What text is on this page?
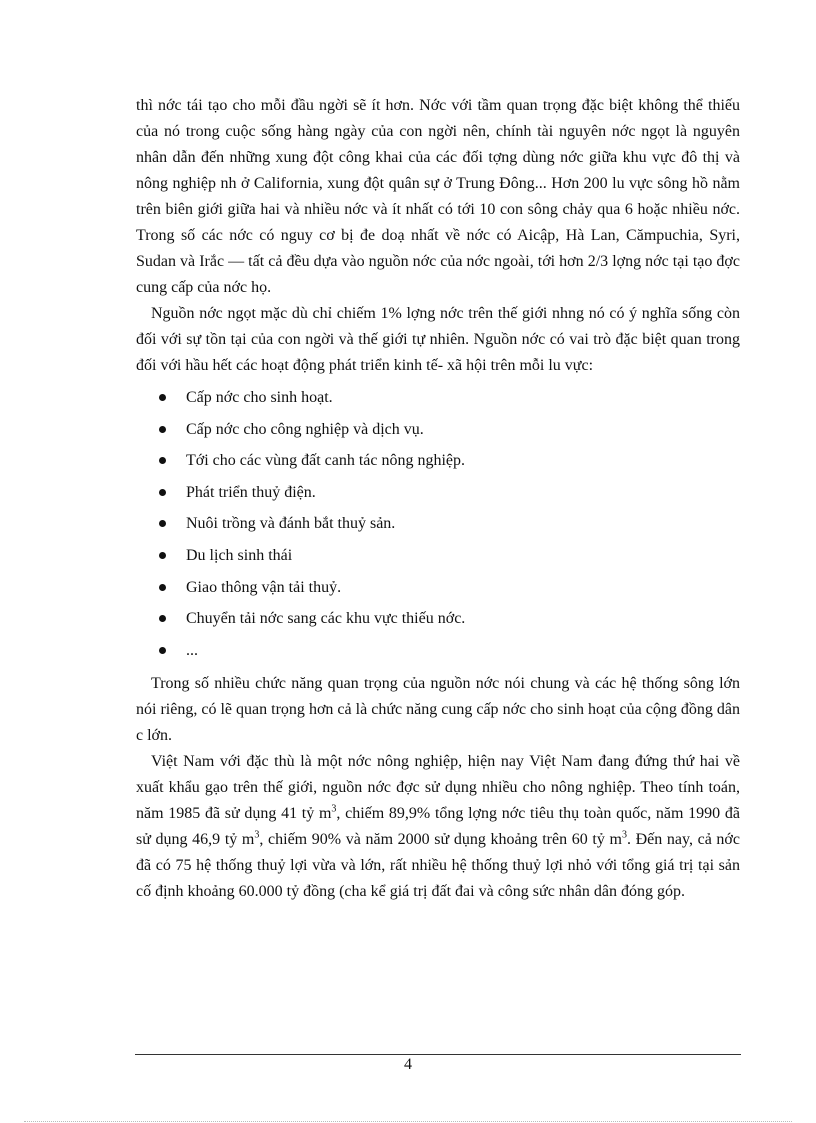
thì nớc tái tạo cho mỗi đầu ngời sẽ ít hơn. Nớc với tầm quan trọng đặc biệt không thể thiếu của nó trong cuộc sống hàng ngày của con ngời nên, chính tài nguyên nớc ngọt là nguyên nhân dẫn đến những xung đột công khai của các đối tợng dùng nớc giữa khu vực đô thị và nông nghiệp nh ở California, xung đột quân sự ở Trung Đông... Hơn 200 lu vực sông hồ nằm trên biên giới giữa hai và nhiều nớc và ít nhất có tới 10 con sông chảy qua 6 hoặc nhiều nớc. Trong số các nớc có nguy cơ bị đe doạ nhất về nớc có Aicập, Hà Lan, Cămpuchia, Syri, Sudan và Irắc — tất cả đều dựa vào nguồn nớc của nớc ngoài, tới hơn 2/3 lợng nớc tại tạo đợc cung cấp của nớc họ.

Nguồn nớc ngọt mặc dù chỉ chiếm 1% lợng nớc trên thế giới nhng nó có ý nghĩa sống còn đối với sự tồn tại của con ngời và thế giới tự nhiên. Nguồn nớc có vai trò đặc biệt quan trong đối với hầu hết các hoạt động phát triển kinh tế- xã hội trên mỗi lu vực:

Cấp nớc cho sinh hoạt.
Cấp nớc cho công nghiệp và dịch vụ.
Tới cho các vùng đất canh tác nông nghiệp.
Phát triển thuỷ điện.
Nuôi trồng và đánh bắt thuỷ sản.
Du lịch sinh thái
Giao thông vận tải thuỷ.
Chuyển tải nớc sang các khu vực thiếu nớc.
...

Trong số nhiều chức năng quan trọng của nguồn nớc nói chung và các hệ thống sông lớn nói riêng, có lẽ quan trọng hơn cả là chức năng cung cấp nớc cho sinh hoạt của cộng đồng dân c lớn.

Việt Nam với đặc thù là một nớc nông nghiệp, hiện nay Việt Nam đang đứng thứ hai về xuất khẩu gạo trên thế giới, nguồn nớc đợc sử dụng nhiều cho nông nghiệp. Theo tính toán, năm 1985 đã sử dụng 41 tỷ $m^3$, chiếm 89,9% tổng lợng nớc tiêu thụ toàn quốc, năm 1990 đã sử dụng 46,9 tỷ $m^3$, chiếm 90% và năm 2000 sử dụng khoảng trên 60 tỷ $m^3$. Đến nay, cả nớc đã có 75 hệ thống thuỷ lợi vừa và lớn, rất nhiều hệ thống thuỷ lợi nhỏ với tổng giá trị tại sản cố định khoảng 60.000 tỷ đồng (cha kể giá trị đất đai và công sức nhân dân đóng góp.

4
